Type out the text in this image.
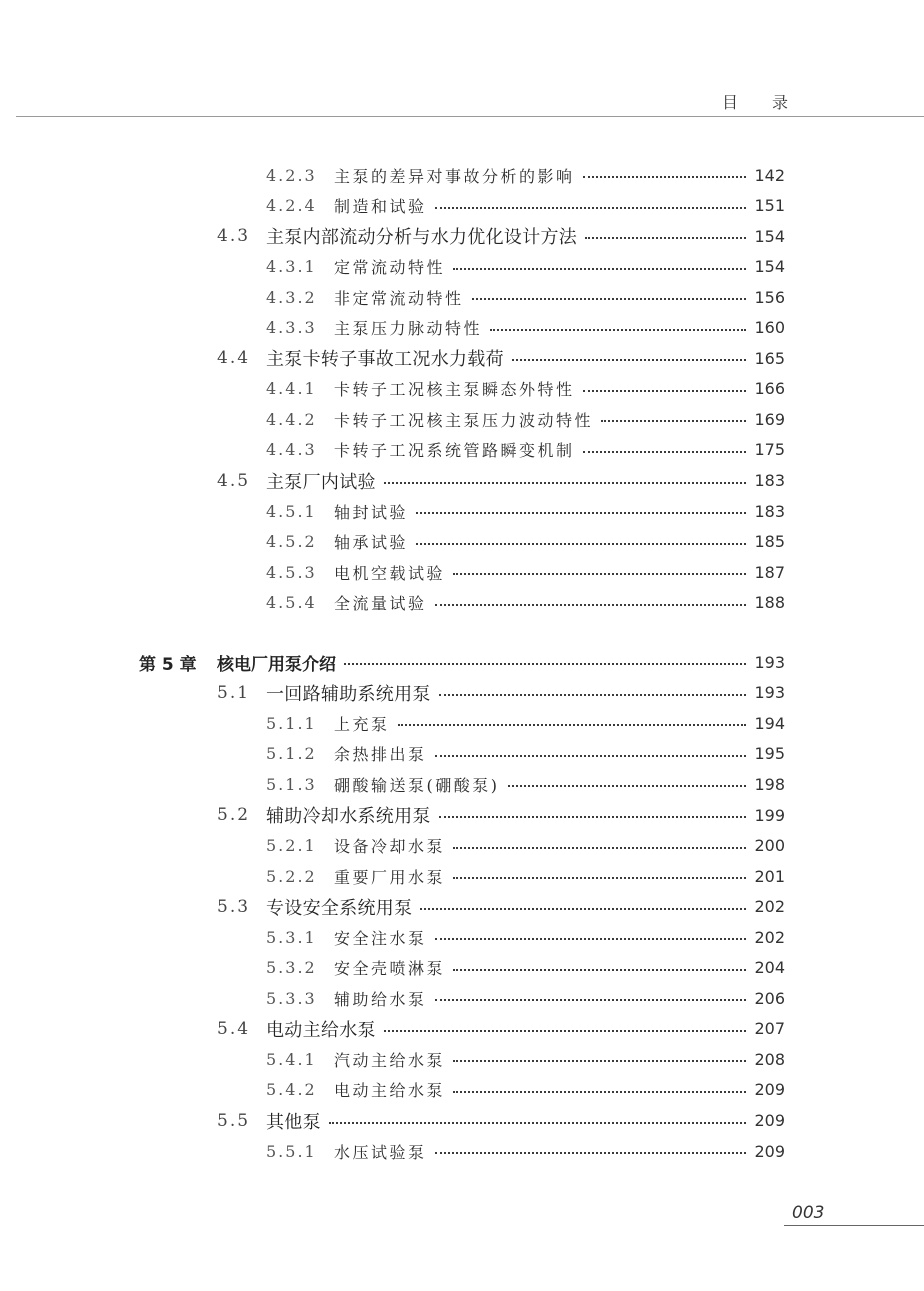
目录
4.2.3 主泵的差异对事故分析的影响	142
4.2.4 制造和试验	151
4.3 主泵内部流动分析与水力优化设计方法	154
4.3.1 定常流动特性	154
4.3.2 非定常流动特性	156
4.3.3 主泵压力脉动特性	160
4.4 主泵卡转子事故工况水力载荷	165
4.4.1 卡转子工况核主泵瞬态外特性	166
4.4.2 卡转子工况核主泵压力波动特性	169
4.4.3 卡转子工况系统管路瞬变机制	175
4.5 主泵厂内试验	183
4.5.1 轴封试验	183
4.5.2 轴承试验	185
4.5.3 电机空载试验	187
4.5.4 全流量试验	188
第 5 章 核电厂用泵介绍	193
5.1 一回路辅助系统用泵	193
5.1.1 上充泵	194
5.1.2 余热排出泵	195
5.1.3 硼酸输送泵(硼酸泵)	198
5.2 辅助冷却水系统用泵	199
5.2.1 设备冷却水泵	200
5.2.2 重要厂用水泵	201
5.3 专设安全系统用泵	202
5.3.1 安全注水泵	202
5.3.2 安全壳喷淋泵	204
5.3.3 辅助给水泵	206
5.4 电动主给水泵	207
5.4.1 汽动主给水泵	208
5.4.2 电动主给水泵	209
5.5 其他泵	209
5.5.1 水压试验泵	209
003
